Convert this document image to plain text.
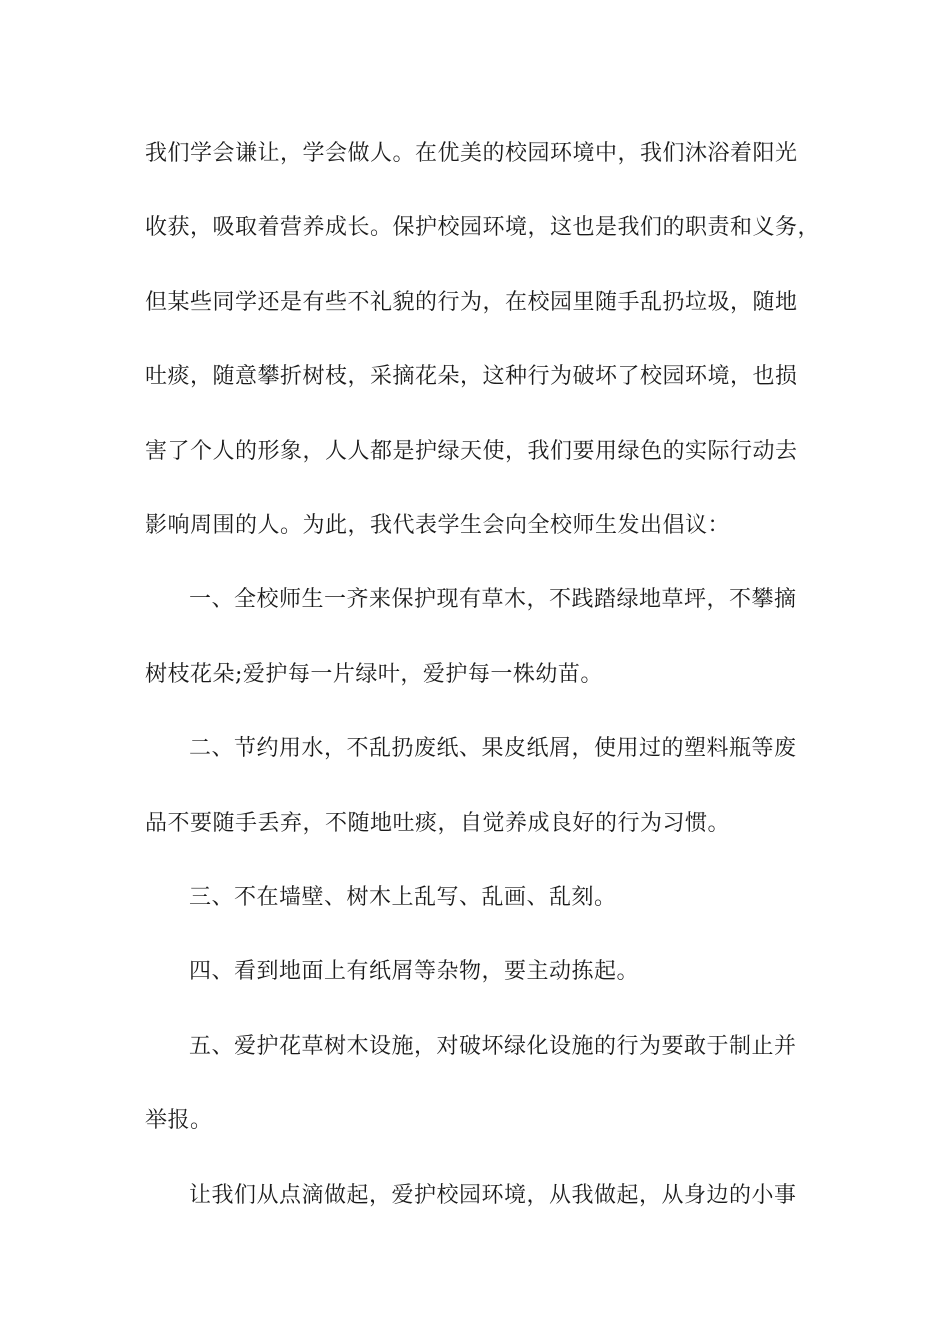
我们学会谦让，学会做人。在优美的校园环境中，我们沐浴着阳光
收获，吸取着营养成长。保护校园环境，这也是我们的职责和义务，
但某些同学还是有些不礼貌的行为，在校园里随手乱扔垃圾，随地
吐痰，随意攀折树枝，采摘花朵，这种行为破坏了校园环境，也损
害了个人的形象，人人都是护绿天使，我们要用绿色的实际行动去
影响周围的人。为此，我代表学生会向全校师生发出倡议：
一、全校师生一齐来保护现有草木，不践踏绿地草坪，不攀摘
树枝花朵;爱护每一片绿叶，爱护每一株幼苗。
二、节约用水，不乱扔废纸、果皮纸屑，使用过的塑料瓶等废
品不要随手丢弃，不随地吐痰，自觉养成良好的行为习惯。
三、不在墙壁、树木上乱写、乱画、乱刻。
四、看到地面上有纸屑等杂物，要主动拣起。
五、爱护花草树木设施，对破坏绿化设施的行为要敢于制止并
举报。
让我们从点滴做起，爱护校园环境，从我做起，从身边的小事
